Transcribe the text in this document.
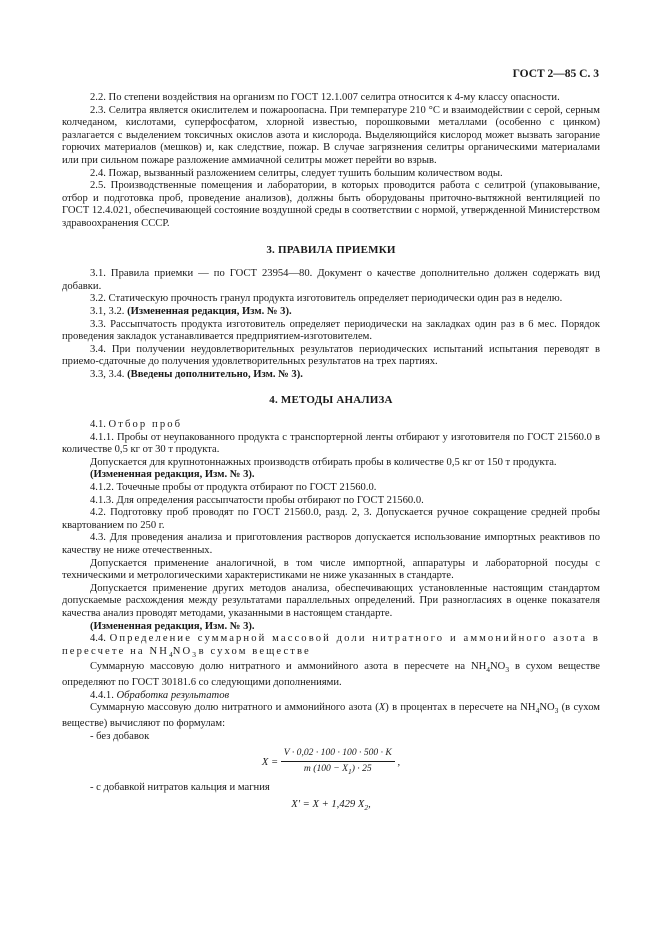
ГОСТ 2—85 С. 3

2.2. По степени воздействия на организм по ГОСТ 12.1.007 селитра относится к 4-му классу опасности.

2.3. Селитра является окислителем и пожароопасна. При температуре 210 °С и взаимодействии с серой, серным колчеданом, кислотами, суперфосфатом, хлорной известью, порошковыми металлами (особенно с цинком) разлагается с выделением токсичных окислов азота и кислорода. Выделяющийся кислород может вызвать загорание горючих материалов (мешков) и, как следствие, пожар. В случае загрязнения селитры органическими материалами или при сильном пожаре разложение аммиачной селитры может перейти во взрыв.

2.4. Пожар, вызванный разложением селитры, следует тушить большим количеством воды.

2.5. Производственные помещения и лаборатории, в которых проводится работа с селитрой (упаковывание, отбор и подготовка проб, проведение анализов), должны быть оборудованы приточно-вытяжной вентиляцией по ГОСТ 12.4.021, обеспечивающей состояние воздушной среды в соответствии с нормой, утвержденной Министерством здравоохранения СССР.

3. ПРАВИЛА ПРИЕМКИ

3.1. Правила приемки — по ГОСТ 23954—80. Документ о качестве дополнительно должен содержать вид добавки.

3.2. Статическую прочность гранул продукта изготовитель определяет периодически один раз в неделю.

3.1, 3.2. (Измененная редакция, Изм. № 3).

3.3. Рассыпчатость продукта изготовитель определяет периодически на закладках один раз в 6 мес. Порядок проведения закладок устанавливается предприятием-изготовителем.

3.4. При получении неудовлетворительных результатов периодических испытаний испытания переводят в приемо-сдаточные до получения удовлетворительных результатов на трех партиях.

3.3, 3.4. (Введены дополнительно, Изм. № 3).

4. МЕТОДЫ АНАЛИЗА

4.1. Отбор проб

4.1.1. Пробы от неупакованного продукта с транспортерной ленты отбирают у изготовителя по ГОСТ 21560.0 в количестве 0,5 кг от 30 т продукта.

Допускается для крупнотоннажных производств отбирать пробы в количестве 0,5 кг от 150 т продукта.

(Измененная редакция, Изм. № 3).

4.1.2. Точечные пробы от продукта отбирают по ГОСТ 21560.0.

4.1.3. Для определения рассыпчатости пробы отбирают по ГОСТ 21560.0.

4.2. Подготовку проб проводят по ГОСТ 21560.0, разд. 2, 3. Допускается ручное сокращение средней пробы квартованием по 250 г.

4.3. Для проведения анализа и приготовления растворов допускается использование импортных реактивов по качеству не ниже отечественных.

Допускается применение аналогичной, в том числе импортной, аппаратуры и лабораторной посуды с техническими и метрологическими характеристиками не ниже указанных в стандарте.

Допускается применение других методов анализа, обеспечивающих установленные настоящим стандартом допускаемые расхождения между результатами параллельных определений. При разногласиях в оценке показателя качества анализ проводят методами, указанными в настоящем стандарте.

(Измененная редакция, Изм. № 3).

4.4. Определение суммарной массовой доли нитратного и аммонийного азота в пересчете на $NH_4NO_3$ в сухом веществе

Суммарную массовую долю нитратного и аммонийного азота в пересчете на $NH_4NO_3$ в сухом веществе определяют по ГОСТ 30181.6 со следующими дополнениями.

4.4.1. Обработка результатов

Суммарную массовую долю нитратного и аммонийного азота (X) в процентах в пересчете на $NH_4NO_3$ (в сухом веществе) вычисляют по формулам:

- без добавок

$X = \frac{V \cdot 0,02 \cdot 100 \cdot 100 \cdot 500 \cdot K}{m (100 - X_1) \cdot 25}$ ,

- с добавкой нитратов кальция и магния

X′ = X + 1,429 $X_2$,
